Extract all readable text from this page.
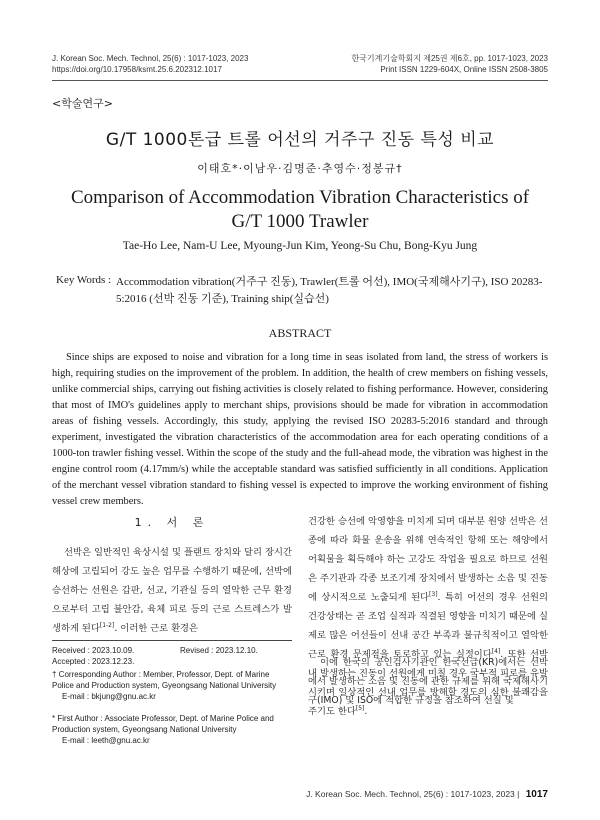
J. Korean Soc. Mech. Technol, 25(6) : 1017-1023, 2023
https://doi.org/10.17958/ksmt.25.6.202312.1017
한국기계기술학회지 제25권 제6호, pp. 1017-1023, 2023
Print ISSN 1229-604X, Online ISSN 2508-3805
<학술연구>
G/T 1000톤급 트롤 어선의 거주구 진동 특성 비교
이태호*·이남우·김명준·추영수·정봉규†
Comparison of Accommodation Vibration Characteristics of G/T 1000 Trawler
Tae-Ho Lee, Nam-U Lee, Myoung-Jun Kim, Yeong-Su Chu, Bong-Kyu Jung
Key Words : Accommodation vibration(거주구 진동), Trawler(트롤 어선), IMO(국제해사기구), ISO 20283-5:2016 (선박 진동 기준), Training ship(실습선)
ABSTRACT
Since ships are exposed to noise and vibration for a long time in seas isolated from land, the stress of workers is high, requiring studies on the improvement of the problem. In addition, the health of crew members on fishing vessels, unlike commercial ships, carrying out fishing activities is closely related to fishing performance. However, considering that most of IMO's guidelines apply to merchant ships, provisions should be made for vibration in accommodation areas of fishing vessels. Accordingly, this study, applying the revised ISO 20283-5:2016 standard and through experiment, investigated the vibration characteristics of the accommodation area for each operating conditions of a 1000-ton trawler fishing vessel. Within the scope of the study and the full-ahead mode, the vibration was highest in the engine control room (4.17mm/s) while the acceptable standard was satisfied sufficiently in all conditions. Application of the merchant vessel vibration standard to fishing vessel is expected to improve the working environment of fishing vessel crew members.
1. 서 론
선박은 일반적인 육상시설 및 플랜트 장치와 달리 장시간 해상에 고립되어 강도 높은 업무를 수행하기 때문에, 선박에 승선하는 선원은 갑판, 선교, 기관실 등의 열악한 근무 환경으로부터 고립 불안감, 육체 피로 등의 근로 스트레스가 발생하게 된다[1-2]. 이러한 근로 환경은
Received : 2023.10.09.	Revised : 2023.12.10.
Accepted : 2023.12.23.
† Corresponding Author : Member, Professor, Dept. of Marine Police and Production system, Gyeongsang National University
E-mail : bkjung@gnu.ac.kr
* First Author : Associate Professor, Dept. of Marine Police and Production system, Gyeongsang National University
E-mail : leeth@gnu.ac.kr
건강한 승선에 악영향을 미치게 되며 대부분 원양 선박은 선종에 따라 화물 운송을 위해 연속적인 항해 또는 해양에서 어획물을 획득해야 하는 고강도 작업을 필요로 하므로 선원은 주기관과 각종 보조기계 장치에서 발생하는 소음 및 진동에 상시적으로 노출되게 된다[3]. 특히 어선의 경우 선원의 건강상태는 곧 조업 실적과 직결된 영향을 미치기 때문에 실제로 많은 어선들이 선내 공간 부족과 불규칙적이고 열악한 근로 환경 문제점을 토로하고 있는 실정이다[4]. 또한 선박 내 발생하는 진동이 선원에게 미칠 경우 국부적 피로를 유발시키며 일상적인 선내 업무를 방해할 경도의 심한 불쾌감을 주기도 한다[5].
이에 한국의 공인검사기관인 한국선급(KR)에서는 선박에서 발생하는 소음 및 진동에 관한 규제를 위해 국제해사기구(IMO) 및 ISO에 적합한 규정을 참조하여 선실 및
J. Korean Soc. Mech. Technol, 25(6) : 1017-1023, 2023 | 1017
